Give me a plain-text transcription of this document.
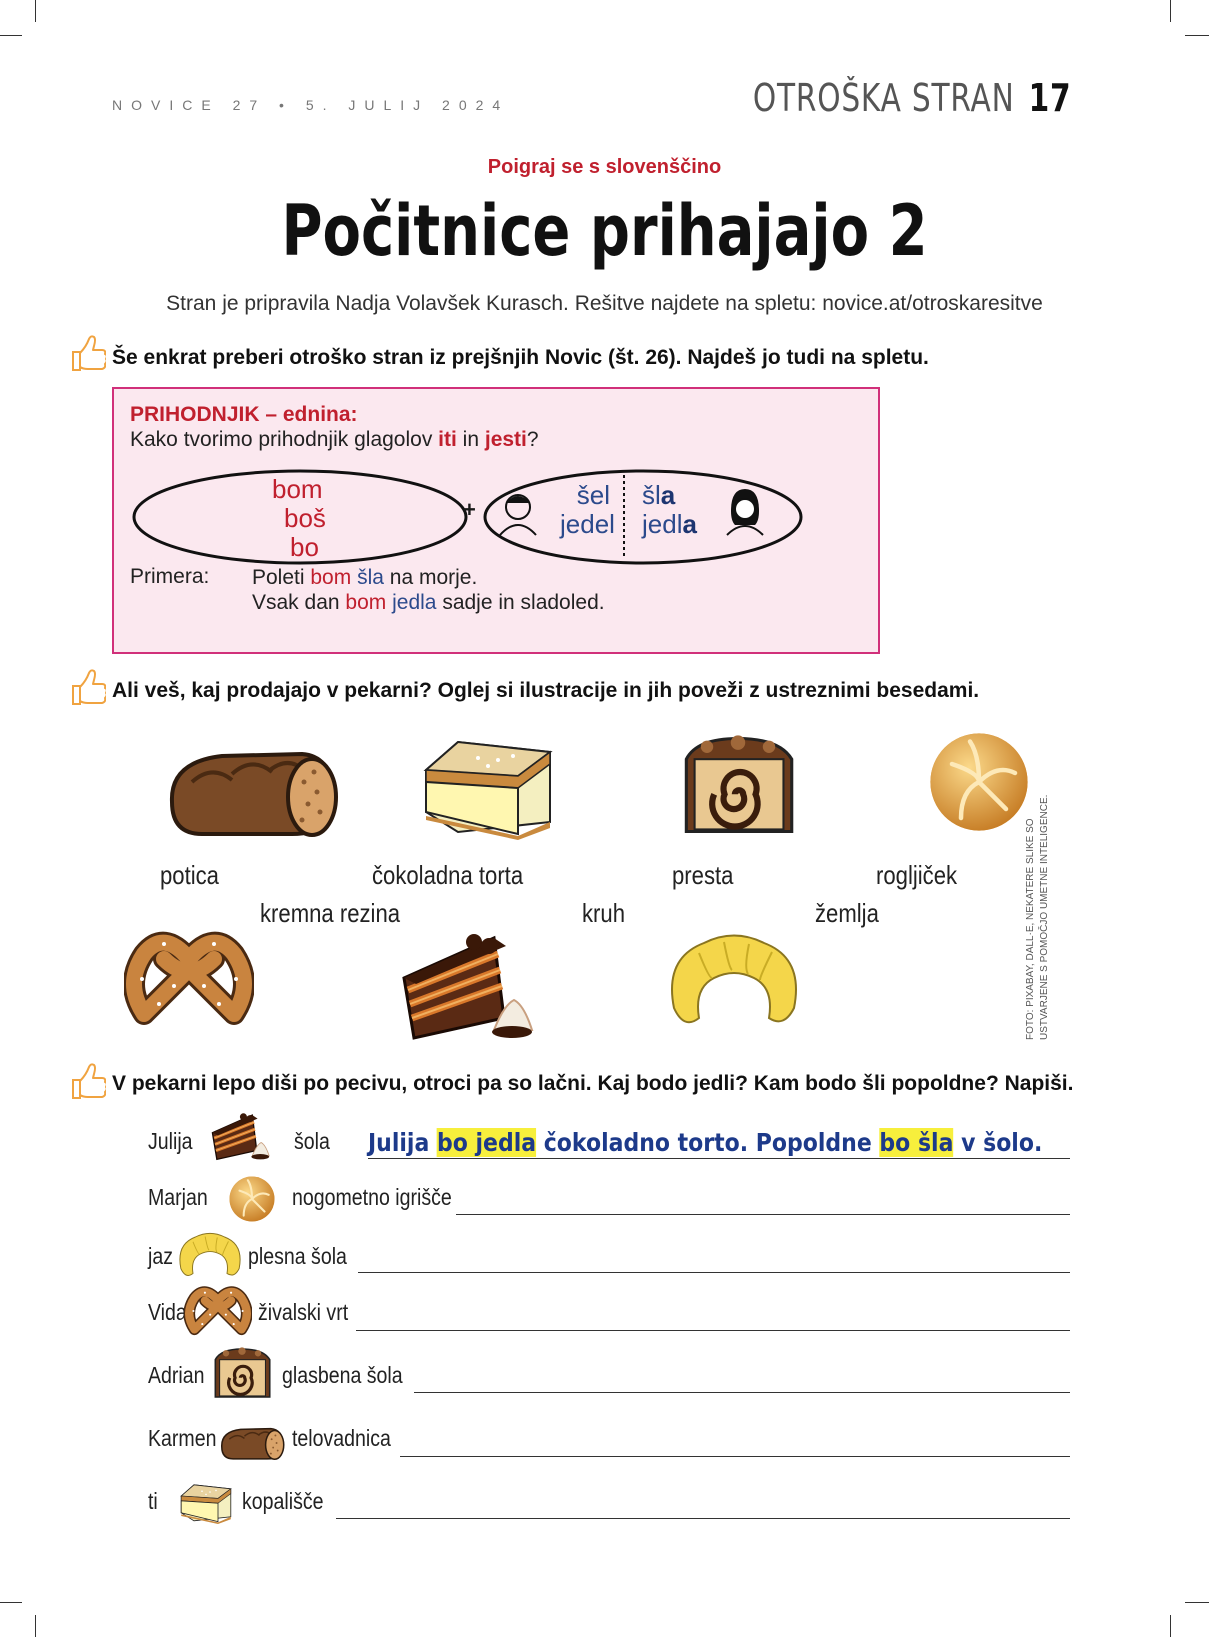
NOVICE 27 • 5. JULIJ 2024	OTROŠKA STRAN 17
Poigraj se s slovenščino
Počitnice prihajajo 2
Stran je pripravila Nadja Volavšek Kurasch. Rešitve najdete na spletu: novice.at/otroskaresitve
Še enkrat preberi otroško stran iz prejšnjih Novic (št. 26). Najdeš jo tudi na spletu.
PRIHODNJIK – ednina:
Kako tvorimo prihodnjik glagolov iti in jesti?
bom
boš
bo
+	šel
jedel
šla
jedla
Primera: Poleti bom šla na morje.
Vsak dan bom jedla sadje in sladoled.
Ali veš, kaj prodajajo v pekarni? Oglej si ilustracije in jih poveži z ustreznimi besedami.
potica	čokoladna torta	presta	rogljiček
kremna rezina	kruh	žemlja	FOTO: PIXABAY, DALL·E, NEKATERE SLIKE SO USTVARJENE S POMOČJO UMETNE INTELIGENCE.
V pekarni lepo diši po pecivu, otroci pa so lačni. Kaj bodo jedli? Kam bodo šli popoldne? Napiši.
Julija	šola Julija bo jedla čokoladno torto. Popoldne bo šla v šolo.
Marjan	nogometno igrišče
jaz	plesna šola
Vida	živalski vrt
Adrian	glasbena šola
Karmen	telovadnica
ti	kopališče
